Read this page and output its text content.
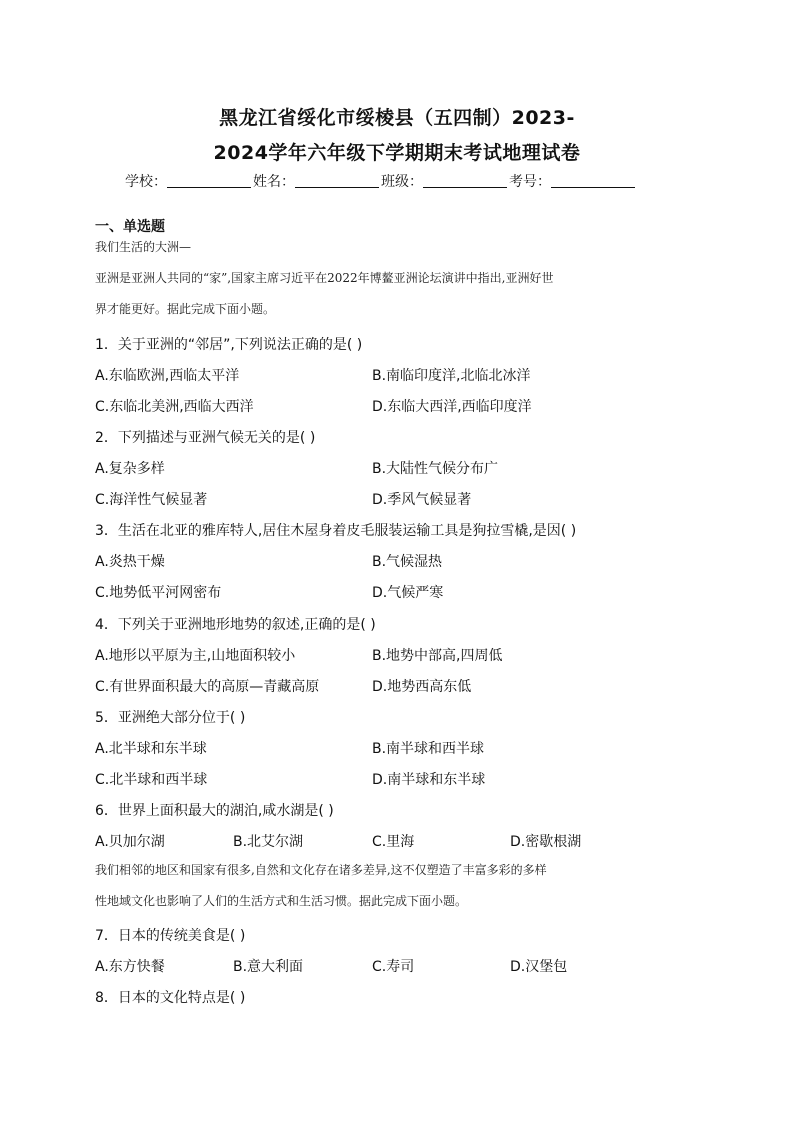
黑龙江省绥化市绥棱县（五四制）2023-
2024学年六年级下学期期末考试地理试卷
学校：	姓名：	班级：	考号：
一、单选题
我们生活的大洲—
亚洲是亚洲人共同的“家”,国家主席习近平在2022年博鳌亚洲论坛演讲中指出,亚洲好世
界才能更好。据此完成下面小题。
1．关于亚洲的“邻居”,下列说法正确的是( )
A.东临欧洲,西临太平洋	B.南临印度洋,北临北冰洋
C.东临北美洲,西临大西洋	D.东临大西洋,西临印度洋
2．下列描述与亚洲气候无关的是( )
A.复杂多样	B.大陆性气候分布广
C.海洋性气候显著	D.季风气候显著
3．生活在北亚的雅库特人,居住木屋身着皮毛服装运输工具是狗拉雪橇,是因( )
A.炎热干燥	B.气候湿热
C.地势低平河网密布	D.气候严寒
4．下列关于亚洲地形地势的叙述,正确的是( )
A.地形以平原为主,山地面积较小	B.地势中部高,四周低
C.有世界面积最大的高原—青藏高原	D.地势西高东低
5．亚洲绝大部分位于( )
A.北半球和东半球	B.南半球和西半球
C.北半球和西半球	D.南半球和东半球
6．世界上面积最大的湖泊,咸水湖是( )
A.贝加尔湖	B.北艾尔湖	C.里海	D.密歇根湖
我们相邻的地区和国家有很多,自然和文化存在诸多差异,这不仅塑造了丰富多彩的多样
性地域文化也影响了人们的生活方式和生活习惯。据此完成下面小题。
7．日本的传统美食是( )
A.东方快餐	B.意大利面	C.寿司	D.汉堡包
8．日本的文化特点是( )
